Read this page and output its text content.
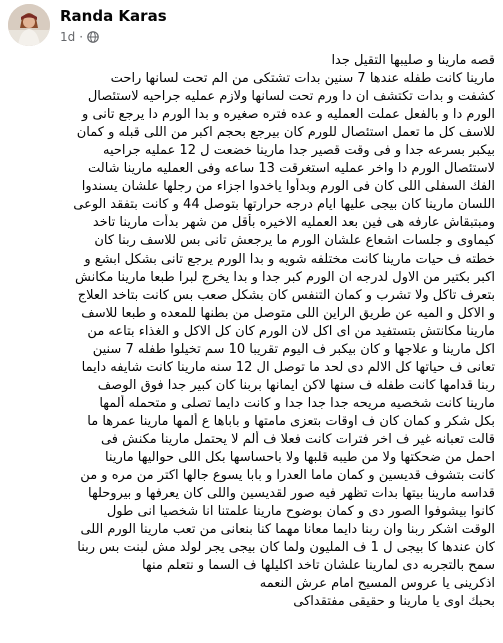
Randa Karas
1d ·

قصه مارينا و صليبها التقيل جدا

مارينا كانت طفله عندها 7 سنين بدات تشتكى من الم تحت لسانها راحت

كشفت و بدات تكتشف ان دا ورم تحت لسانها ولازم عمليه جراحيه لاستئصال

الورم دا و بالفعل عملت العمليه و عده فتره صغيره و بدا الورم دا يرجع تانى و

للاسف كل ما تعمل استئصال للورم كان بيرجع بحجم اكبر من اللى قبله و كمان

بيكبر بسرعه جدا و فى وقت قصير جدا مارينا خضعت ل 12 عمليه جراحيه

لاستئصال الورم دا واخر عمليه استغرقت 13 ساعه وفى العمليه مارينا شالت

الفك السفلى اللى كان فى الورم وبدأوا ياخدوا اجزاء من رجلها علشان يسندوا

اللسان مارينا كان بيجى عليها ايام درجه حرارتها بتوصل 44 و كانت بتفقد الوعى

ومبتبقاش عارفه هى فين بعد العمليه الاخيره بأقل من شهر بدأت مارينا تاخد

كيماوى و جلسات اشعاع علشان الورم ما يرجعش تانى بس للاسف ربنا كان

خطته ف حيات مارينا كانت مختلفه شويه و بدا الورم يرجع تانى بشكل ابشع و

اكبر بكتير من الاول لدرجه ان الورم كبر جدا و بدا يخرج لبرا طبعا مارينا مكانش

بتعرف تاكل ولا تشرب و كمان التنفس كان بشكل صعب بس كانت بتاخد العلاج

و الاكل و الميه عن طريق الراين اللى متوصل من بطنها للمعده و طبعا للاسف

مارينا مكانتش بتستفيد من اى اكل لان الورم كان كل الاكل و الغذاء بتاعه من

اكل مارينا و علاجها و كان بيكبر ف اليوم تقريبا 10 سم تخيلوا طفله 7 سنين

تعانى ف حياتها كل الالم دى لحد ما توصل ال 12 سنه مارينا كانت شايفه دايما

ربنا قدامها كانت طفله ف سنها لاكن ايمانها بربنا كان كبير جدا فوق الوصف

مارينا كانت شخصيه مريحه جدا جدا جدا و كانت دايما تصلى و متحمله ألمها

بكل شكر و كمان كان ف اوقات بتعزى مامتها و باباها ع ألمها مارينا عمرها ما

قالت تعبانه غير ف اخر فترات كانت فعلا ف ألم لا يحتمل مارينا مكنش فى

احمل من ضحكتها ولا من طيبه قلبها ولا باحساسها بكل اللى حواليها مارينا

كانت بتشوف قديسين و كمان ماما العدرا و بابا يسوع جالها اكتر من مره و من

قداسه مارينا بيتها بدات تظهر فيه صور لقديسين واللى كان يعرفها و بيروحلها

كانوا بيشوفوا الصور دى و كمان بوضوح مارينا علمتنا انا شخصيا انى طول

الوقت اشكر ربنا وان ربنا دايما معانا مهما كنا بنعانى من تعب مارينا الورم اللى

كان عندها كا بيجى ل 1 ف المليون ولما كان بيجى يجر لولد مش لبنت بس ربنا

سمح بالتجربه دى لمارينا علشان تاخد اكليلها ف السما و نتعلم منها

اذكرينى يا عروس المسيح امام عرش النعمه

بحبك اوى يا مارينا و حقيقى مفتقداكى
